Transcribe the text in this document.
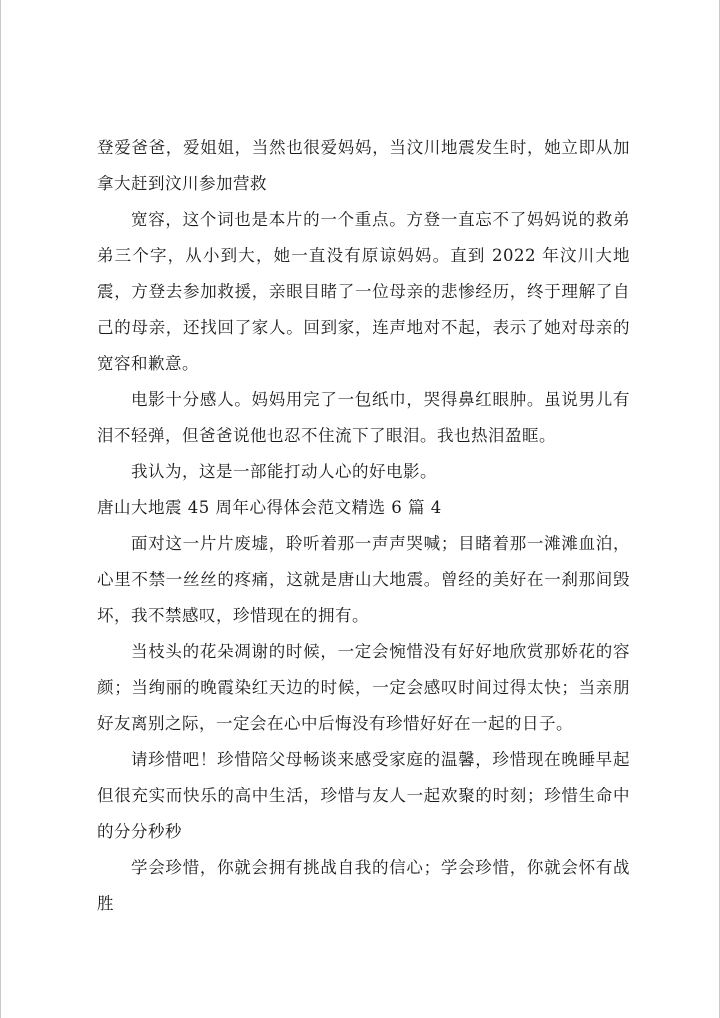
登爱爸爸，爱姐姐，当然也很爱妈妈，当汶川地震发生时，她立即从加拿大赶到汶川参加营救

宽容，这个词也是本片的一个重点。方登一直忘不了妈妈说的救弟弟三个字，从小到大，她一直没有原谅妈妈。直到 2022 年汶川大地震，方登去参加救援，亲眼目睹了一位母亲的悲惨经历，终于理解了自己的母亲，还找回了家人。回到家，连声地对不起，表示了她对母亲的宽容和歉意。

电影十分感人。妈妈用完了一包纸巾，哭得鼻红眼肿。虽说男儿有泪不轻弹，但爸爸说他也忍不住流下了眼泪。我也热泪盈眶。

我认为，这是一部能打动人心的好电影。

唐山大地震 45 周年心得体会范文精选 6 篇 4

面对这一片片废墟，聆听着那一声声哭喊；目睹着那一滩滩血泊，心里不禁一丝丝的疼痛，这就是唐山大地震。曾经的美好在一刹那间毁坏，我不禁感叹，珍惜现在的拥有。

当枝头的花朵凋谢的时候，一定会惋惜没有好好地欣赏那娇花的容颜；当绚丽的晚霞染红天边的时候，一定会感叹时间过得太快；当亲朋好友离别之际，一定会在心中后悔没有珍惜好好在一起的日子。

请珍惜吧！珍惜陪父母畅谈来感受家庭的温馨，珍惜现在晚睡早起但很充实而快乐的高中生活，珍惜与友人一起欢聚的时刻；珍惜生命中的分分秒秒

学会珍惜，你就会拥有挑战自我的信心；学会珍惜，你就会怀有战胜
